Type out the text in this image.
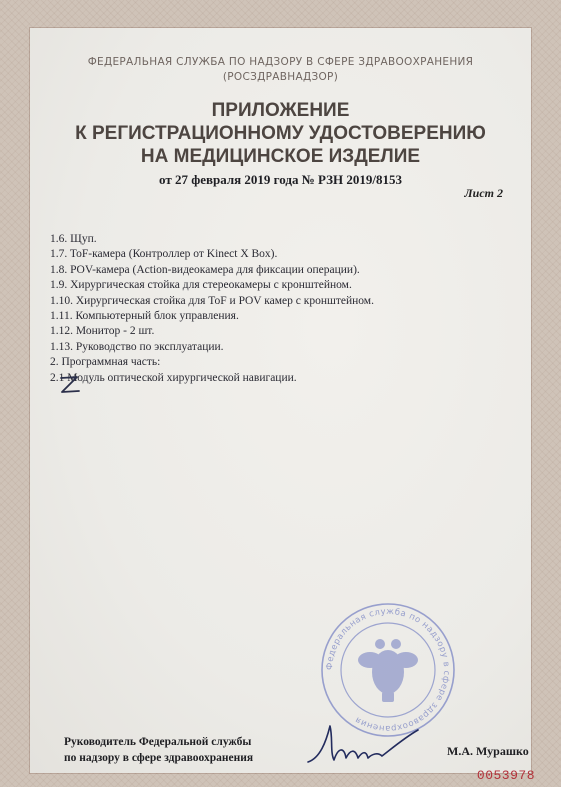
ФЕДЕРАЛЬНАЯ СЛУЖБА ПО НАДЗОРУ В СФЕРЕ ЗДРАВООХРАНЕНИЯ
(РОСЗДРАВНАДЗОР)
ПРИЛОЖЕНИЕ
К РЕГИСТРАЦИОННОМУ УДОСТОВЕРЕНИЮ
НА МЕДИЦИНСКОЕ ИЗДЕЛИЕ
от 27 февраля 2019 года № РЗН 2019/8153
Лист 2
1.6. Щуп.
1.7. ToF-камера (Контроллер от Kinect X Box).
1.8. POV-камера (Action-видеокамера для фиксации операции).
1.9. Хирургическая стойка для стереокамеры с кронштейном.
1.10. Хирургическая стойка для ToF и POV камер с кронштейном.
1.11. Компьютерный блок управления.
1.12. Монитор - 2 шт.
1.13. Руководство по эксплуатации.
2. Программная часть:
2.1 Модуль оптической хирургической навигации.
Федеральная служба по надзору в сфере здравоохранения
Руководитель Федеральной службы
по надзору в сфере здравоохранения	М.А. Мурашко
0053978
